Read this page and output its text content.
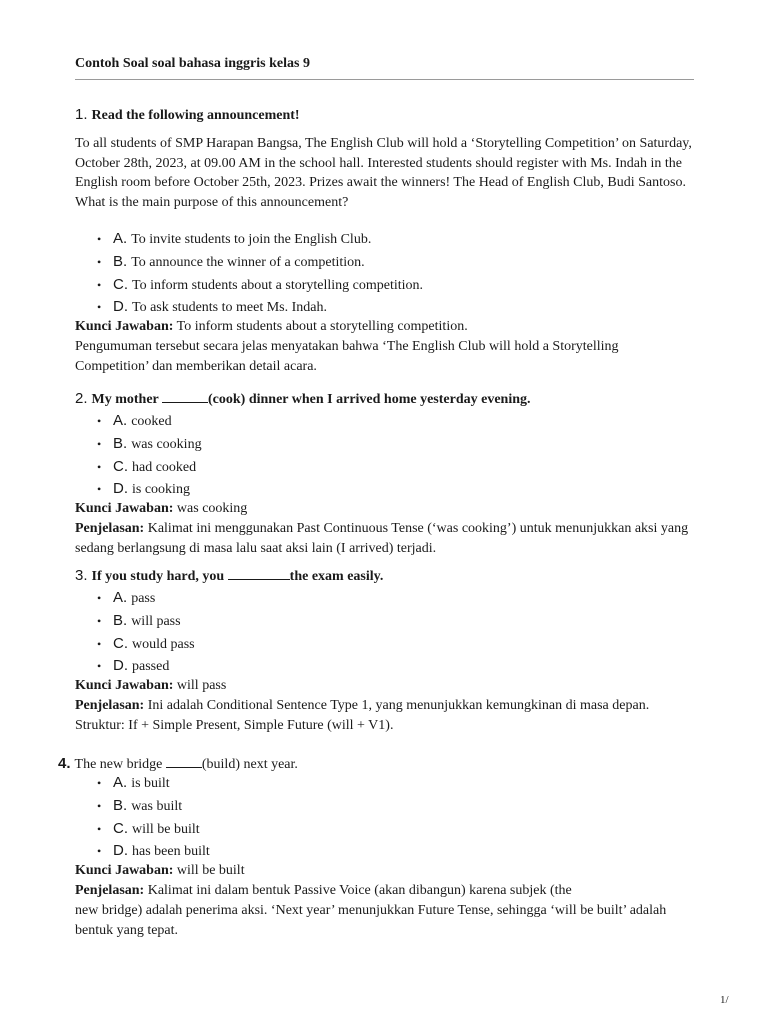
Contoh Soal soal bahasa inggris kelas 9
1. Read the following announcement!

To all students of SMP Harapan Bangsa, The English Club will hold a ‘Storytelling Competition’ on Saturday, October 28th, 2023, at 09.00 AM in the school hall. Interested students should register with Ms. Indah in the English room before October 25th, 2023. Prizes await the winners! The Head of English Club, Budi Santoso. What is the main purpose of this announcement?

• A. To invite students to join the English Club.
• B. To announce the winner of a competition.
• C. To inform students about a storytelling competition.
• D. To ask students to meet Ms. Indah.
Kunci Jawaban: To inform students about a storytelling competition.

Pengumuman tersebut secara jelas menyatakan bahwa ‘The English Club will hold a Storytelling Competition’ dan memberikan detail acara.

2. My mother	(cook) dinner when I arrived home yesterday evening.
• A. cooked
• B. was cooking
• C. had cooked
• D. is cooking
Kunci Jawaban: was cooking

Penjelasan: Kalimat ini menggunakan Past Continuous Tense (‘was cooking’) untuk menunjukkan aksi yang sedang berlangsung di masa lalu saat aksi lain (I arrived) terjadi.

3. If you study hard, you	the exam easily.
• A. pass
• B. will pass
• C. would pass
• D. passed
Kunci Jawaban: will pass

Penjelasan: Ini adalah Conditional Sentence Type 1, yang menunjukkan kemungkinan di masa depan. Struktur: If + Simple Present, Simple Future (will + V1).

4. The new bridge	(build) next year.
• A. is built
• B. was built
• C. will be built
• D. has been built
Kunci Jawaban: will be built
Penjelasan: Kalimat ini dalam bentuk Passive Voice (akan dibangun) karena subjek (the
new bridge) adalah penerima aksi. ‘Next year’ menunjukkan Future Tense, sehingga ‘will be built’ adalah bentuk yang tepat.
1/
